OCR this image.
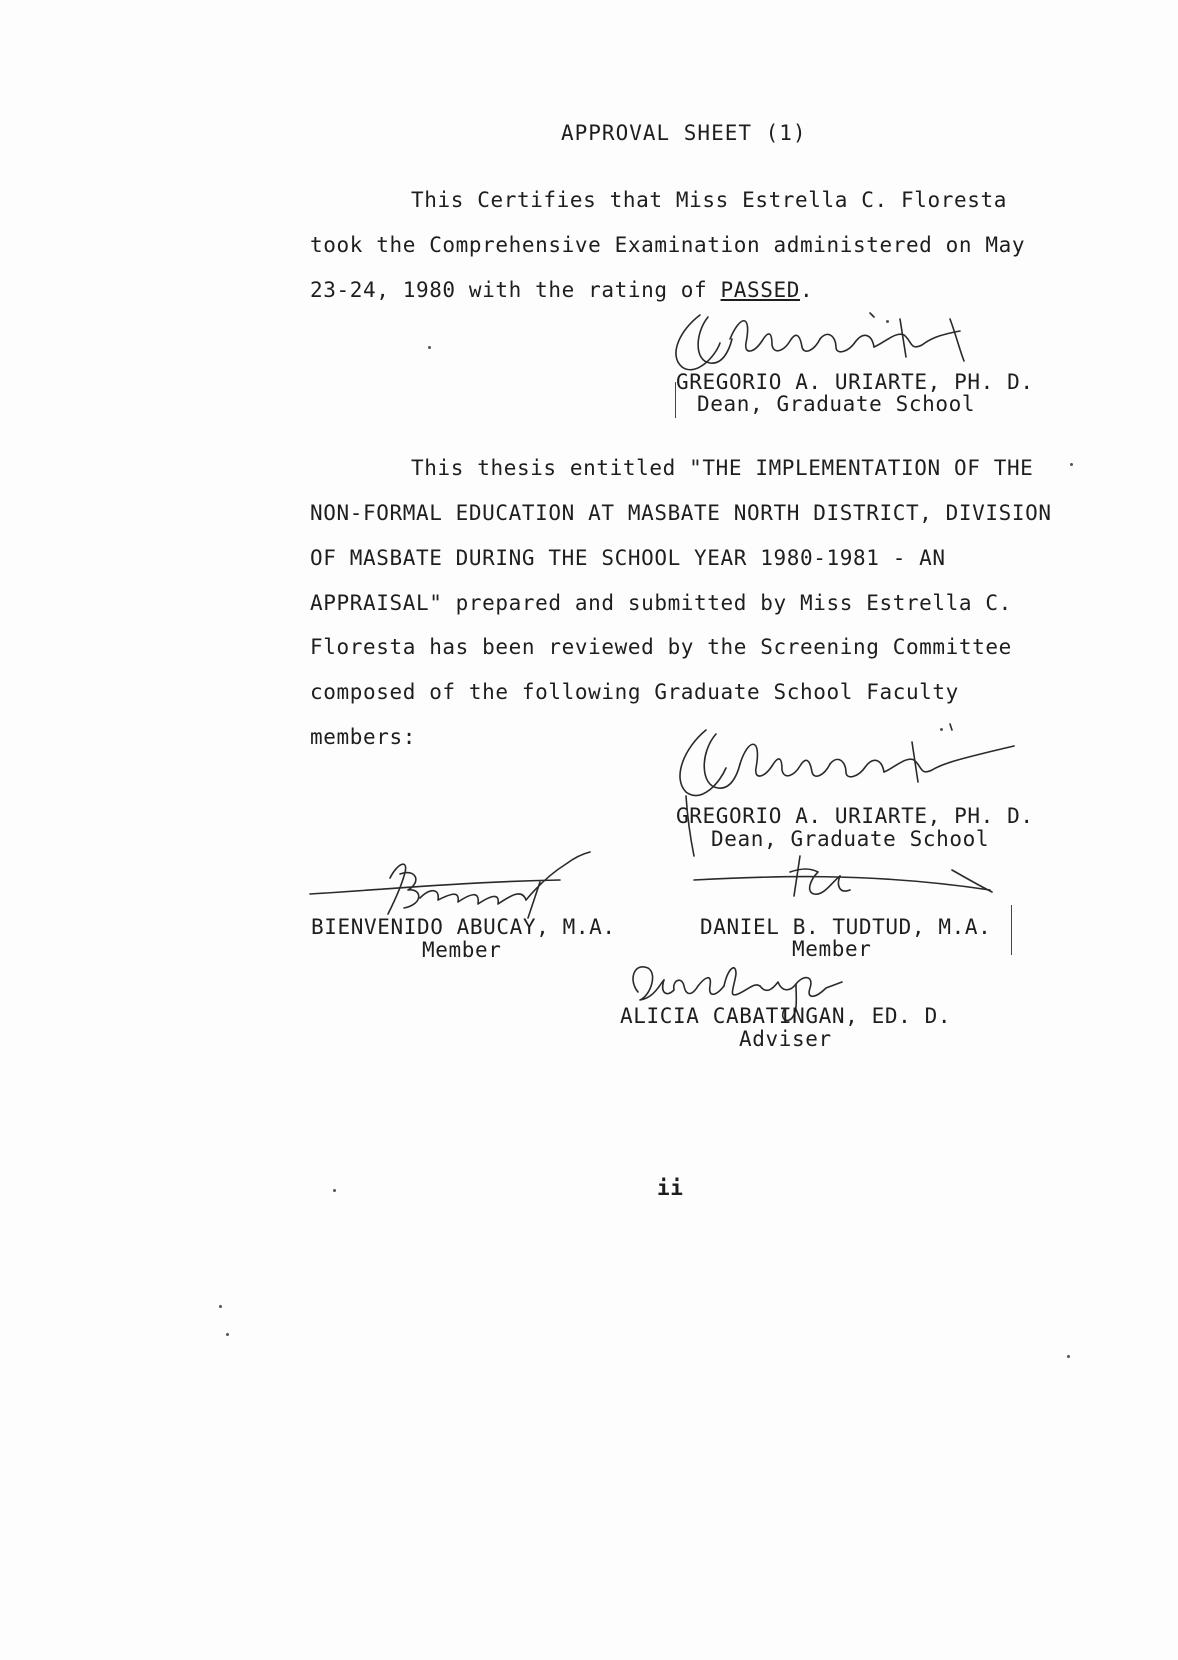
APPROVAL SHEET (1)
This Certifies that Miss Estrella C. Floresta
took the Comprehensive Examination administered on May
23-24, 1980 with the rating of PASSED.
GREGORIO A. URIARTE, PH. D.
Dean, Graduate School
This thesis entitled "THE IMPLEMENTATION OF THE
NON-FORMAL EDUCATION AT MASBATE NORTH DISTRICT, DIVISION
OF MASBATE DURING THE SCHOOL YEAR 1980-1981 - AN
APPRAISAL" prepared and submitted by Miss Estrella C.
Floresta has been reviewed by the Screening Committee
composed of the following Graduate School Faculty
members:
GREGORIO A. URIARTE, PH. D.
Dean, Graduate School
BIENVENIDO ABUCAY, M.A.
Member
DANIEL B. TUDTUD, M.A.
Member
ALICIA CABATINGAN, ED. D.
Adviser
ii
